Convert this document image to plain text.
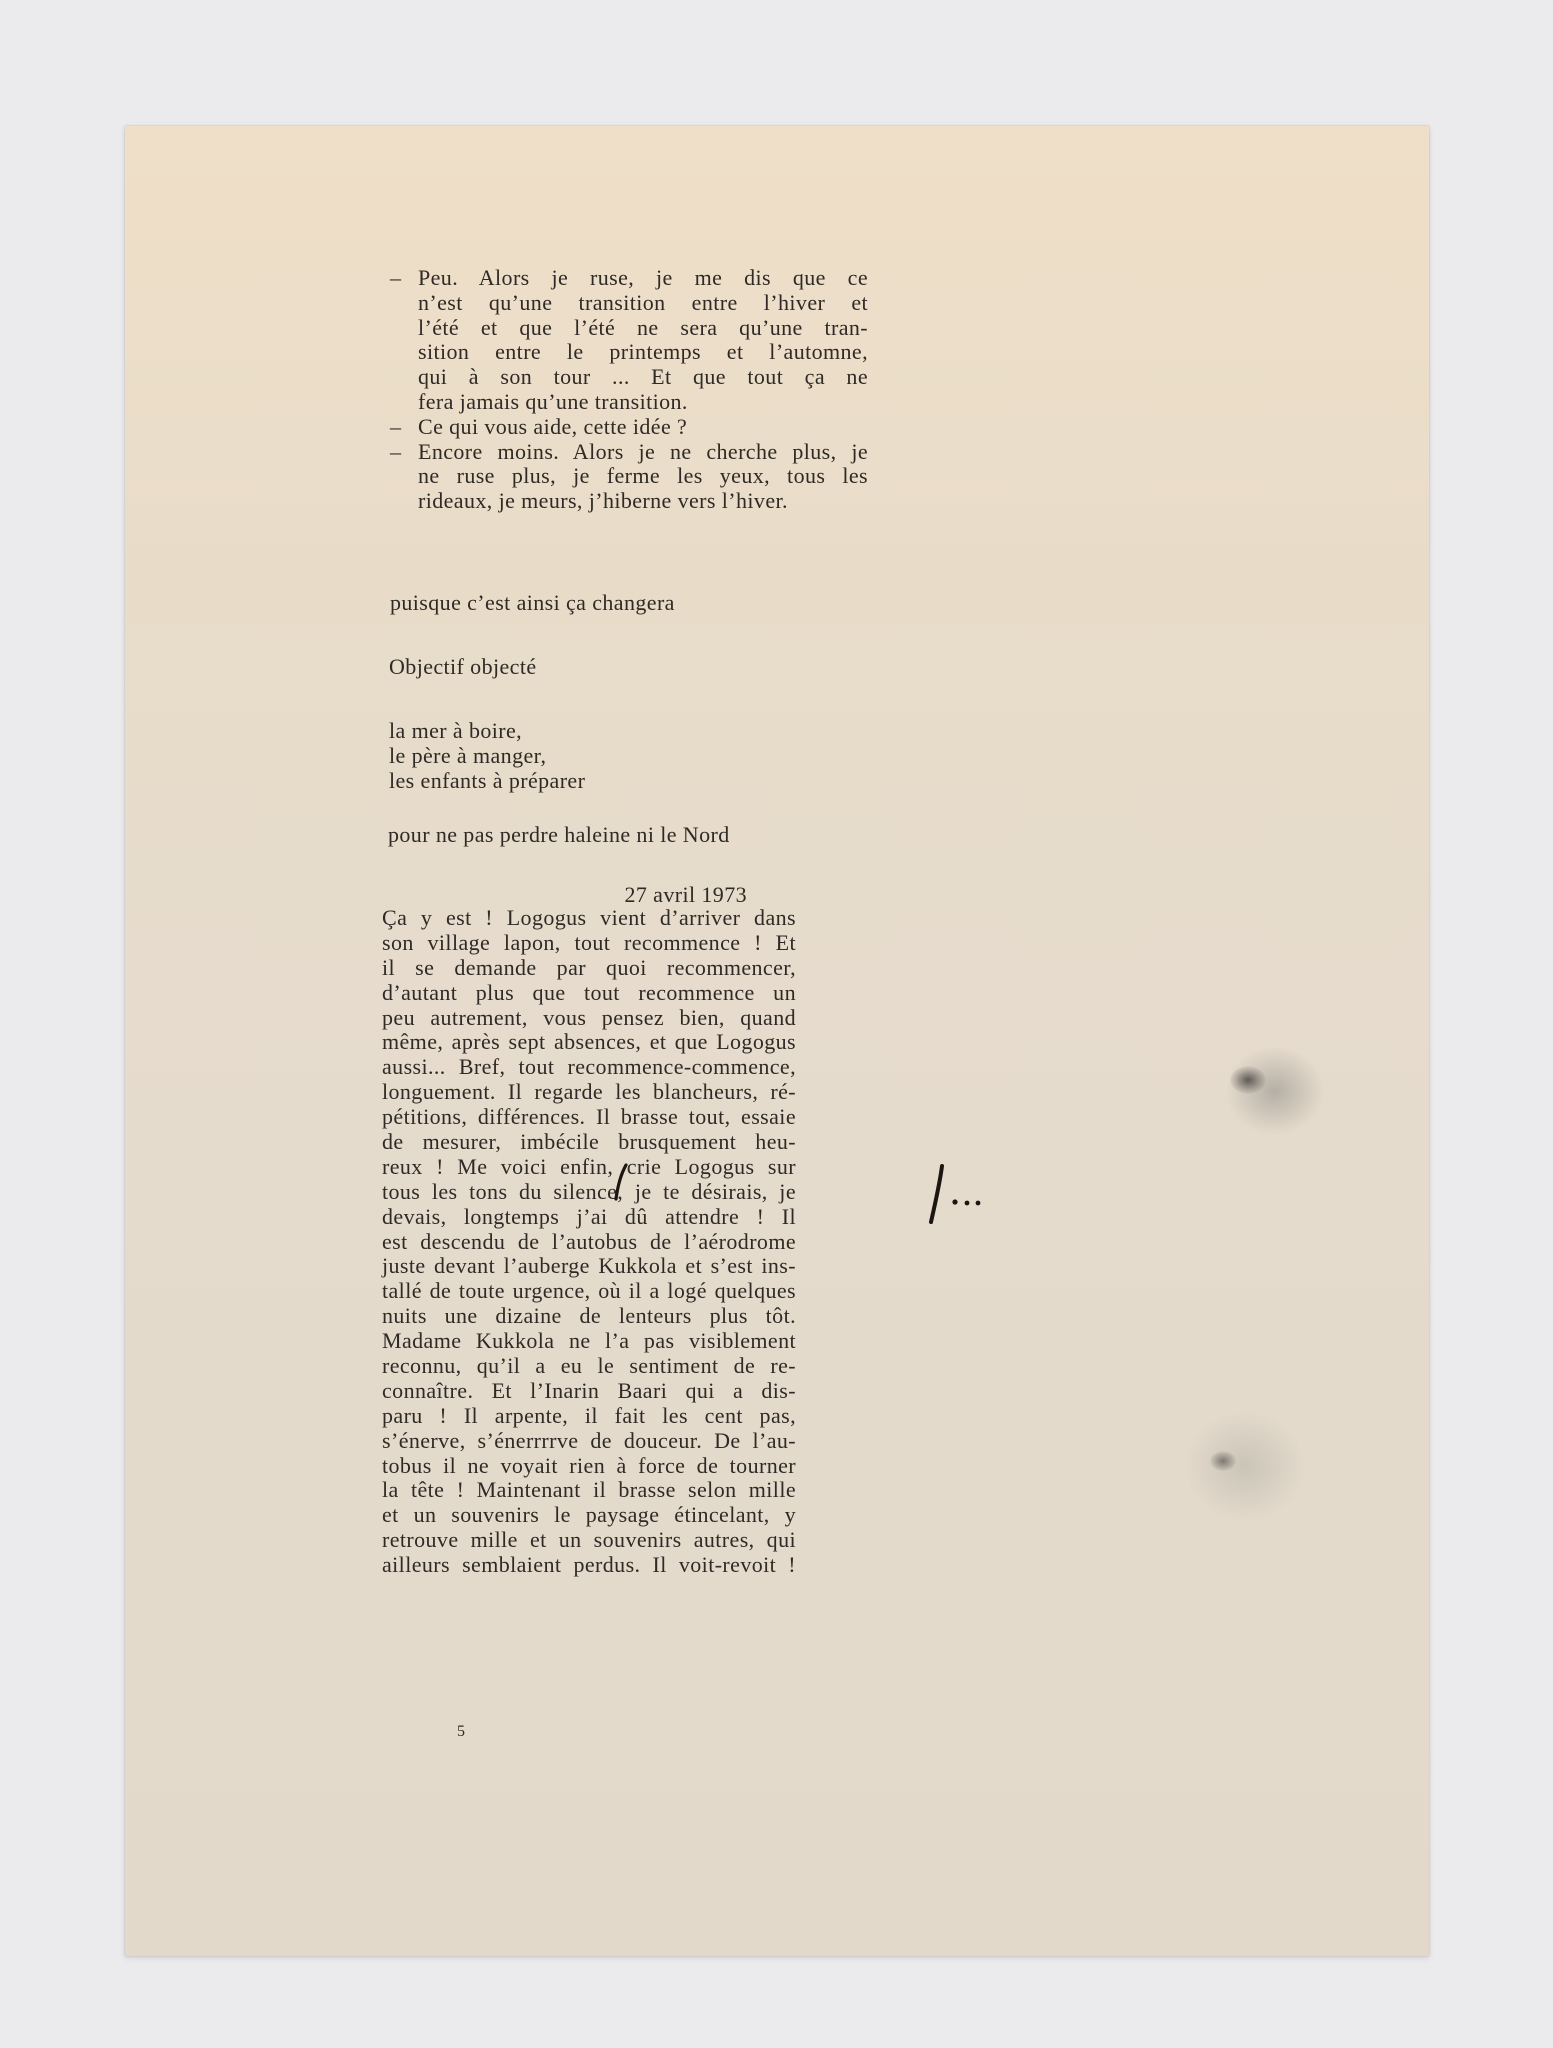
– Peu. Alors je ruse, je me dis que ce
n’est qu’une transition entre l’hiver et
l’été et que l’été ne sera qu’une tran-
sition entre le printemps et l’automne,
qui à son tour ... Et que tout ça ne
fera jamais qu’une transition.
– Ce qui vous aide, cette idée ?
– Encore moins. Alors je ne cherche plus, je
ne ruse plus, je ferme les yeux, tous les
rideaux, je meurs, j’hiberne vers l’hiver.

puisque c’est ainsi ça changera

Objectif objecté

la mer à boire,
le père à manger,
les enfants à préparer

pour ne pas perdre haleine ni le Nord

27 avril 1973

Ça y est ! Logogus vient d’arriver dans
son village lapon, tout recommence ! Et
il se demande par quoi recommencer,
d’autant plus que tout recommence un
peu autrement, vous pensez bien, quand
même, après sept absences, et que Logogus
aussi... Bref, tout recommence-commence,
longuement. Il regarde les blancheurs, ré-
pétitions, différences. Il brasse tout, essaie
de mesurer, imbécile brusquement heu-
reux ! Me voici enfin, crie Logogus sur
tous les tons du silence, je te désirais, je
devais, longtemps j’ai dû attendre ! Il
est descendu de l’autobus de l’aérodrome
juste devant l’auberge Kukkola et s’est ins-
tallé de toute urgence, où il a logé quelques
nuits une dizaine de lenteurs plus tôt.
Madame Kukkola ne l’a pas visiblement
reconnu, qu’il a eu le sentiment de re-
connaître. Et l’Inarin Baari qui a dis-
paru ! Il arpente, il fait les cent pas,
s’énerve, s’énerrrrve de douceur. De l’au-
tobus il ne voyait rien à force de tourner
la tête ! Maintenant il brasse selon mille
et un souvenirs le paysage étincelant, y
retrouve mille et un souvenirs autres, qui
ailleurs semblaient perdus. Il voit-revoit !
5
